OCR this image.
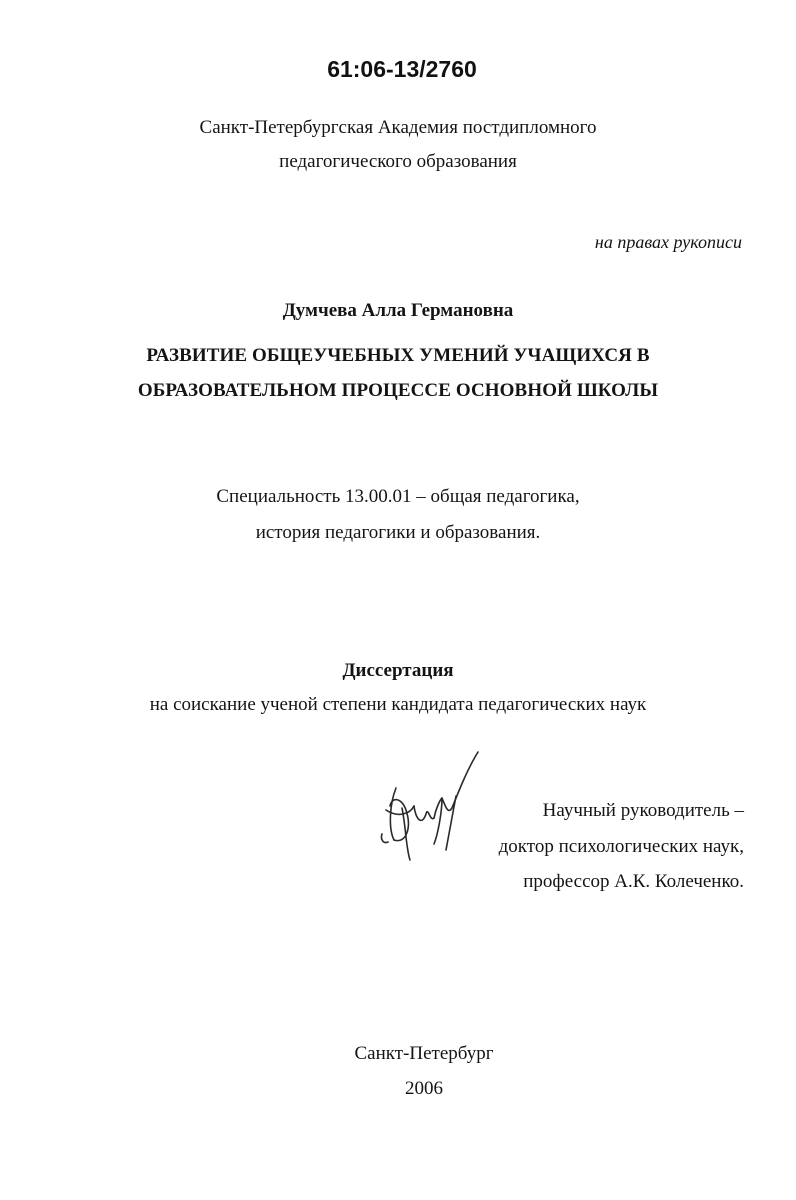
61:06-13/2760
Санкт-Петербургская Академия постдипломного
педагогического образования
на правах рукописи
Думчева Алла Германовна
РАЗВИТИЕ ОБЩЕУЧЕБНЫХ УМЕНИЙ УЧАЩИХСЯ В
ОБРАЗОВАТЕЛЬНОМ ПРОЦЕССЕ ОСНОВНОЙ ШКОЛЫ
Специальность 13.00.01 – общая педагогика,
история педагогики и образования.
Диссертация
на соискание ученой степени кандидата педагогических наук
Научный руководитель –
доктор психологических наук,
профессор А.К. Колеченко.
Санкт-Петербург
2006
